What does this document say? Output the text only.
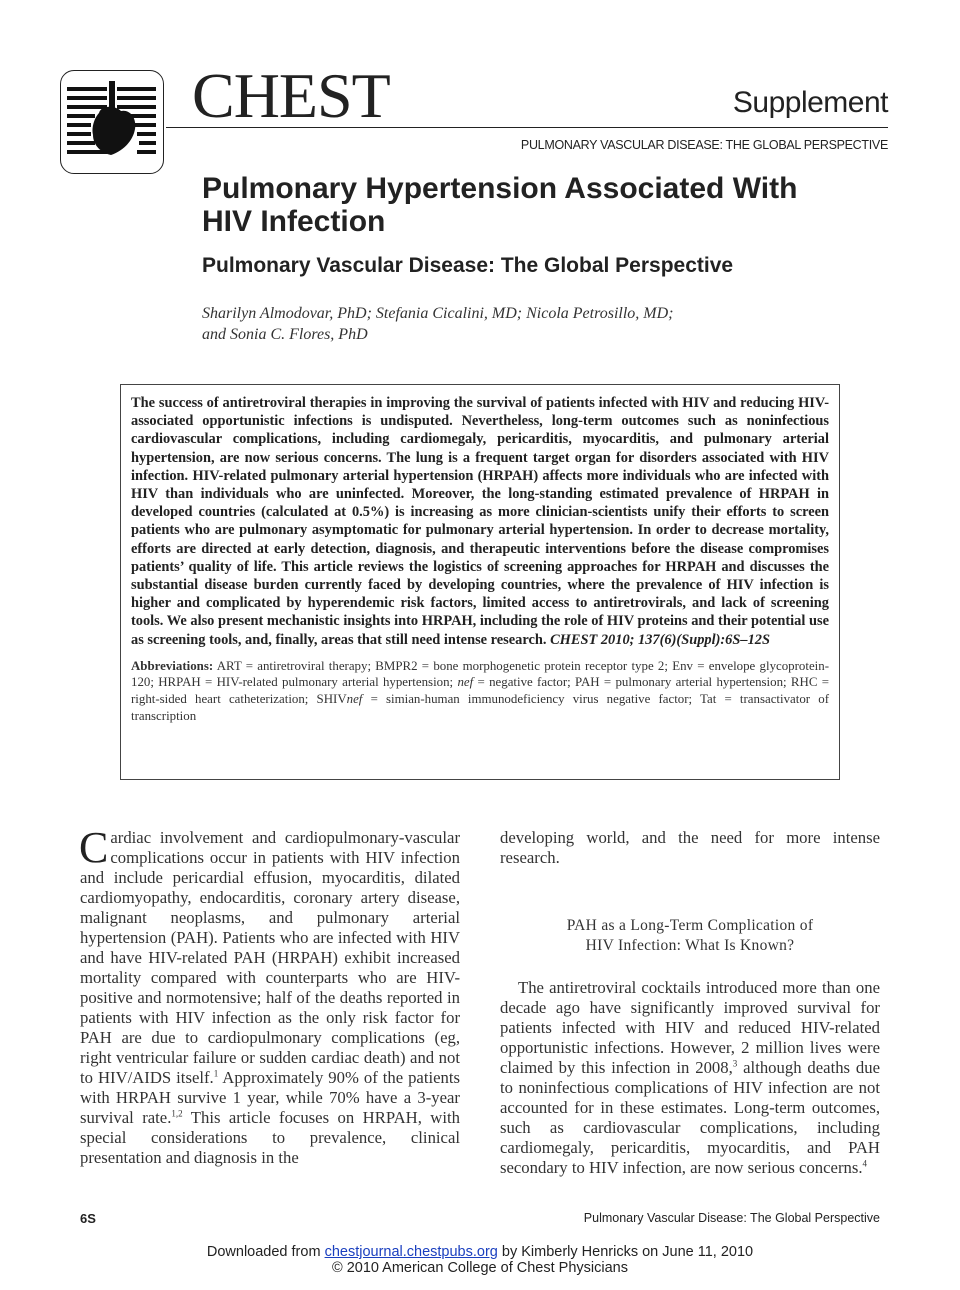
CHEST	Supplement
PULMONARY VASCULAR DISEASE: THE GLOBAL PERSPECTIVE
Pulmonary Hypertension Associated With HIV Infection
Pulmonary Vascular Disease: The Global Perspective
Sharilyn Almodovar, PhD; Stefania Cicalini, MD; Nicola Petrosillo, MD;
and Sonia C. Flores, PhD

The success of antiretroviral therapies in improving the survival of patients infected with HIV and reducing HIV-associated opportunistic infections is undisputed. Nevertheless, long-term outcomes such as noninfectious cardiovascular complications, including cardiomegaly, pericarditis, myocarditis, and pulmonary arterial hypertension, are now serious concerns. The lung is a frequent target organ for disorders associated with HIV infection. HIV-related pulmonary arterial hypertension (HRPAH) affects more individuals who are infected with HIV than individuals who are uninfected. Moreover, the long-standing estimated prevalence of HRPAH in developed countries (calculated at 0.5%) is increasing as more clinician-scientists unify their efforts to screen patients who are pulmonary asymptomatic for pulmonary arterial hypertension. In order to decrease mortality, efforts are directed at early detection, diagnosis, and therapeutic interventions before the disease compromises patients’ quality of life. This article reviews the logistics of screening approaches for HRPAH and discusses the substantial disease burden currently faced by developing countries, where the prevalence of HIV infection is higher and complicated by hyperendemic risk factors, limited access to antiretrovirals, and lack of screening tools. We also present mechanistic insights into HRPAH, including the role of HIV proteins and their potential use as screening tools, and, finally, areas that still need intense research. CHEST 2010; 137(6)(Suppl):6S–12S

Abbreviations: ART = antiretroviral therapy; BMPR2 = bone morphogenetic protein receptor type 2; Env = envelope glycoprotein-120; HRPAH = HIV-related pulmonary arterial hypertension; nef = negative factor; PAH = pulmonary arterial hypertension; RHC = right-sided heart catheterization; SHIVnef = simian-human immunodeficiency virus negative factor; Tat = transactivator of transcription
Cardiac involvement and cardiopulmonary-vascular complications occur in patients with HIV infection and include pericardial effusion, myocarditis, dilated cardiomyopathy, endocarditis, coronary artery disease, malignant neoplasms, and pulmonary arterial hypertension (PAH). Patients who are infected with HIV and have HIV-related PAH (HRPAH) exhibit increased mortality compared with counterparts who are HIV-positive and normotensive; half of the deaths reported in patients with HIV infection as the only risk factor for PAH are due to cardiopulmonary complications (eg, right ventricular failure or sudden cardiac death) and not to HIV/AIDS itself.$^1$ Approximately 90% of the patients with HRPAH survive 1 year, while 70% have a 3-year survival rate.$^{1,2}$ This article focuses on HRPAH, with special considerations to prevalence, clinical presentation and diagnosis in the
developing world, and the need for more intense research.
PAH as a Long-Term Complication of
HIV Infection: What Is Known?
The antiretroviral cocktails introduced more than one decade ago have significantly improved survival for patients infected with HIV and reduced HIV-related opportunistic infections. However, 2 million lives were claimed by this infection in 2008,$^3$ although deaths due to noninfectious complications of HIV infection are not accounted for in these estimates. Long-term outcomes, such as cardiovascular complications, including cardiomegaly, pericarditis, myocarditis, and PAH secondary to HIV infection, are now serious concerns.$^4$
6S	Pulmonary Vascular Disease: The Global Perspective
Downloaded from chestjournal.chestpubs.org by Kimberly Henricks on June 11, 2010
© 2010 American College of Chest Physicians
